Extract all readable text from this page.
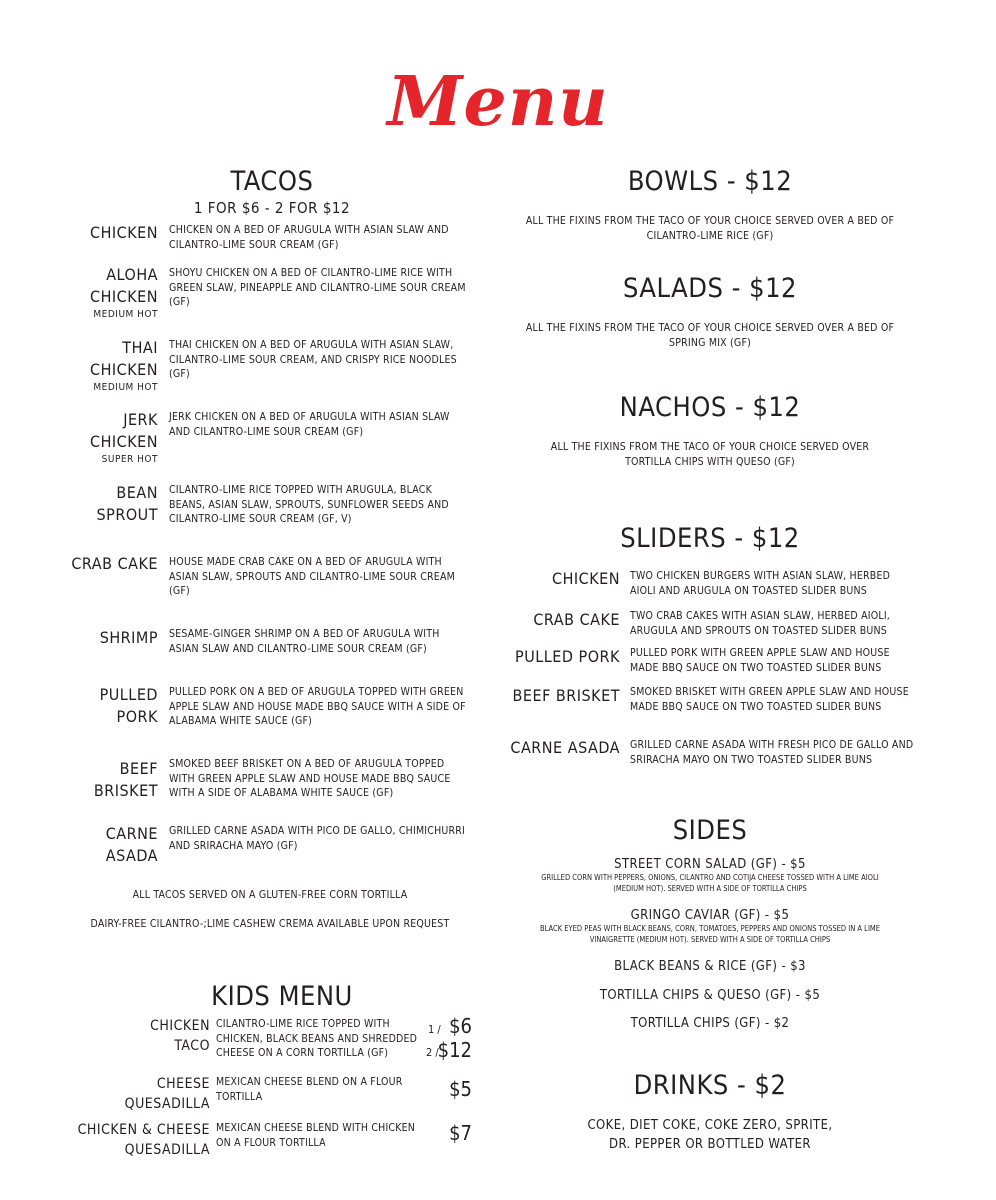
Menu
TACOS
1 FOR $6 - 2 FOR $12
CHICKEN CHICKEN ON A BED OF ARUGULA WITH ASIAN SLAW AND CILANTRO-LIME SOUR CREAM (GF)
ALOHA CHICKEN
MEDIUM HOT
SHOYU CHICKEN ON A BED OF CILANTRO-LIME RICE WITH GREEN SLAW, PINEAPPLE AND CILANTRO-LIME SOUR CREAM (GF)
THAI CHICKEN
MEDIUM HOT
THAI CHICKEN ON A BED OF ARUGULA WITH ASIAN SLAW, CILANTRO-LIME SOUR CREAM, AND CRISPY RICE NOODLES (GF)
JERK CHICKEN
SUPER HOT
JERK CHICKEN ON A BED OF ARUGULA WITH ASIAN SLAW AND CILANTRO-LIME SOUR CREAM (GF)
BEAN SPROUT
CILANTRO-LIME RICE TOPPED WITH ARUGULA, BLACK BEANS, ASIAN SLAW, SPROUTS, SUNFLOWER SEEDS AND CILANTRO-LIME SOUR CREAM (GF, V)
CRAB CAKE HOUSE MADE CRAB CAKE ON A BED OF ARUGULA WITH ASIAN SLAW, SPROUTS AND CILANTRO-LIME SOUR CREAM (GF)
SHRIMP SESAME-GINGER SHRIMP ON A BED OF ARUGULA WITH ASIAN SLAW AND CILANTRO-LIME SOUR CREAM (GF)
PULLED PORK
PULLED PORK ON A BED OF ARUGULA TOPPED WITH GREEN APPLE SLAW AND HOUSE MADE BBQ SAUCE WITH A SIDE OF ALABAMA WHITE SAUCE (GF)
BEEF BRISKET
SMOKED BEEF BRISKET ON A BED OF ARUGULA TOPPED WITH GREEN APPLE SLAW AND HOUSE MADE BBQ SAUCE WITH A SIDE OF ALABAMA WHITE SAUCE (GF)
CARNE ASADA
GRILLED CARNE ASADA WITH PICO DE GALLO, CHIMICHURRI AND SRIRACHA MAYO (GF)
ALL TACOS SERVED ON A GLUTEN-FREE CORN TORTILLA
DAIRY-FREE CILANTRO-;LIME CASHEW CREMA AVAILABLE UPON REQUEST
KIDS MENU
CHICKEN TACO
CILANTRO-LIME RICE TOPPED WITH CHICKEN, BLACK BEANS AND SHREDDED CHEESE ON A CORN TORTILLA (GF)
1 / $6
2 /
$12
CHEESE QUESADILLA
MEXICAN CHEESE BLEND ON A FLOUR TORTILLA	$5
CHICKEN & CHEESE QUESADILLA
MEXICAN CHEESE BLEND WITH CHICKEN ON A FLOUR TORTILLA	$7
BOWLS - $12
ALL THE FIXINS FROM THE TACO OF YOUR CHOICE SERVED OVER A BED OF CILANTRO-LIME RICE (GF)
SALADS - $12
ALL THE FIXINS FROM THE TACO OF YOUR CHOICE SERVED OVER A BED OF SPRING MIX (GF)
NACHOS - $12
ALL THE FIXINS FROM THE TACO OF YOUR CHOICE SERVED OVER TORTILLA CHIPS WITH QUESO (GF)
SLIDERS - $12
CHICKEN TWO CHICKEN BURGERS WITH ASIAN SLAW, HERBED AIOLI AND ARUGULA ON TOASTED SLIDER BUNS
CRAB CAKE TWO CRAB CAKES WITH ASIAN SLAW, HERBED AIOLI, ARUGULA AND SPROUTS ON TOASTED SLIDER BUNS
PULLED PORK PULLED PORK WITH GREEN APPLE SLAW AND HOUSE MADE BBQ SAUCE ON TWO TOASTED SLIDER BUNS
BEEF BRISKET SMOKED BRISKET WITH GREEN APPLE SLAW AND HOUSE MADE BBQ SAUCE ON TWO TOASTED SLIDER BUNS
CARNE ASADA GRILLED CARNE ASADA WITH FRESH PICO DE GALLO AND SRIRACHA MAYO ON TWO TOASTED SLIDER BUNS
SIDES
STREET CORN SALAD (GF) - $5
GRILLED CORN WITH PEPPERS, ONIONS, CILANTRO AND COTIJA CHEESE TOSSED WITH A LIME AIOLI (MEDIUM HOT). SERVED WITH A SIDE OF TORTILLA CHIPS
GRINGO CAVIAR (GF) - $5
BLACK EYED PEAS WITH BLACK BEANS, CORN, TOMATOES, PEPPERS AND ONIONS TOSSED IN A LIME VINAIGRETTE (MEDIUM HOT). SERVED WITH A SIDE OF TORTILLA CHIPS
BLACK BEANS & RICE (GF) - $3
TORTILLA CHIPS & QUESO (GF) - $5
TORTILLA CHIPS (GF) - $2
DRINKS - $2
COKE, DIET COKE, COKE ZERO, SPRITE, DR. PEPPER OR BOTTLED WATER
